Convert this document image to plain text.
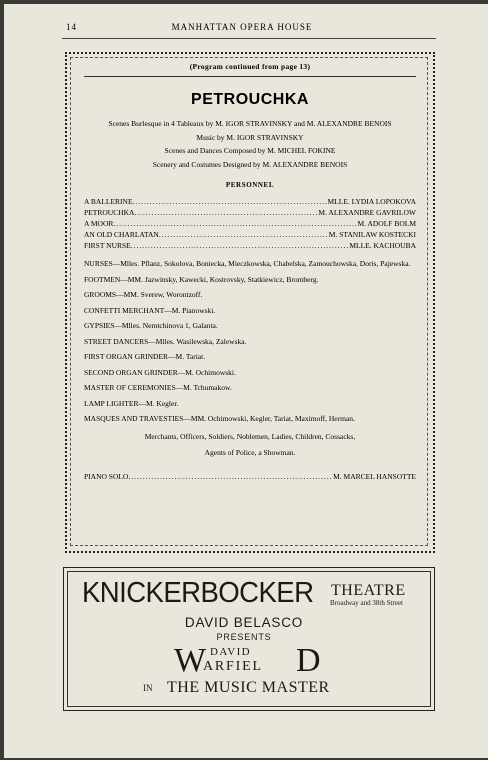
14	MANHATTAN OPERA HOUSE
(Program continued from page 13)
PETROUCHKA
Scenes Burlesque in 4 Tableaux by M. IGOR STRAVINSKY and M. ALEXANDRE BENOIS
Music by M. IGOR STRAVINSKY
Scenes and Dances Composed by M. MICHEL FOKINE
Scenery and Costumes Designed by M. ALEXANDRE BENOIS
PERSONNEL
A BALLERINE .....	MLLE. LYDIA LOPOKOVA
PETROUCHKA .....	M. ALEXANDRE GAVRILOW
A MOOR .....	M. ADOLF BOLM
AN OLD CHARLATAN .....	M. STANILAW KOSTECKI
FIRST NURSE .....	MLLE. KACHOUBA
NURSES—Mlles. Pflanz, Sokolova, Boniecka, Mieczkowska, Chabelska, Zamouchowska, Doris, Pajewska.
FOOTMEN—MM. Jazwinsky, Kawecki, Kostrovsky, Statkiewicz, Bromberg.
GROOMS—MM. Sverew, Worontzoff.
CONFETTI MERCHANT—M. Pianowski.
GYPSIES—Mlles. Nemtchinova 1, Galanta.
STREET DANCERS—Mlles. Wasilewska, Zalewska.
FIRST ORGAN GRINDER—M. Tariat.
SECOND ORGAN GRINDER—M. Ochimowski.
MASTER OF CEREMONIES—M. Tchumakow.
LAMP LIGHTER—M. Kegler.
MASQUES AND TRAVESTIES—MM. Ochimowski, Kegler, Tariat, Maximoff, Herman.
Merchants, Officers, Soldiers, Noblemen, Ladies, Children, Cossacks,
Agents of Police, a Showman.
PIANO SOLO .....	M. MARCEL HANSOTTE
KNICKERBOCKER THEATRE
Broadway and 38th Street
DAVID BELASCO
PRESENTS
W DAVID
ARFIEL D
IN THE MUSIC MASTER
